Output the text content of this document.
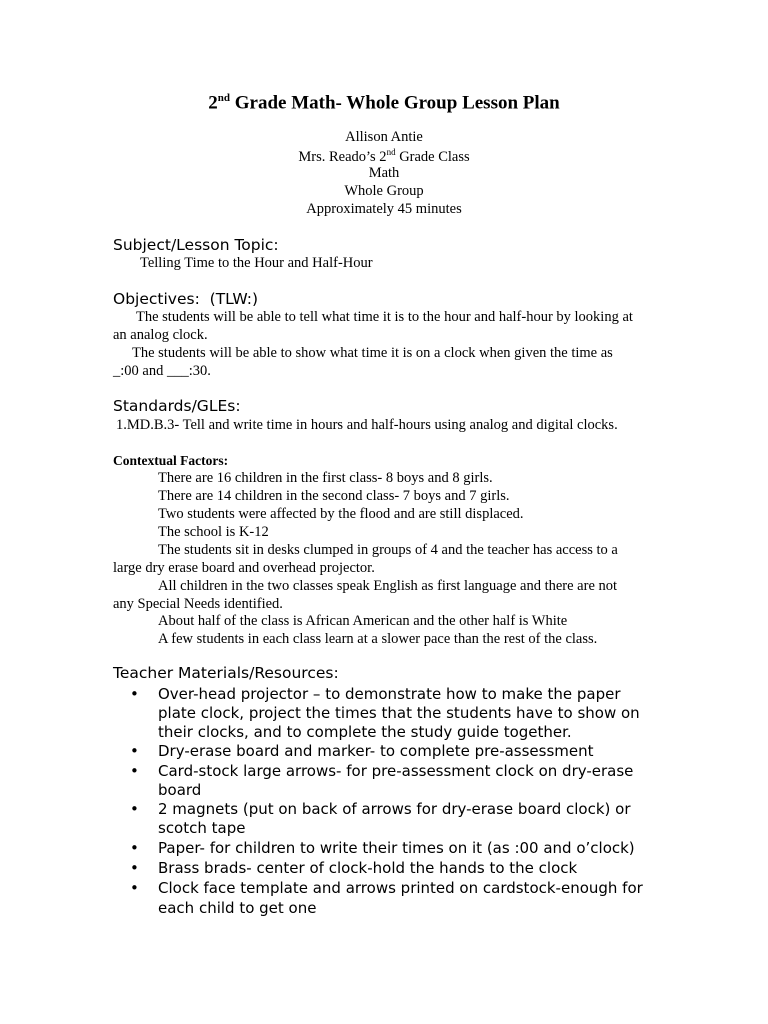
2nd Grade Math- Whole Group Lesson Plan
Allison Antie
Mrs. Reado’s 2nd Grade Class
Math
Whole Group
Approximately 45 minutes
Subject/Lesson Topic:
Telling Time to the Hour and Half-Hour
Objectives:  (TLW:)
The students will be able to tell what time it is to the hour and half-hour by looking at
an analog clock.
The students will be able to show what time it is on a clock when given the time as
_:00 and ___:30.
Standards/GLEs:
1.MD.B.3- Tell and write time in hours and half-hours using analog and digital clocks.
Contextual Factors:
There are 16 children in the first class- 8 boys and 8 girls.
There are 14 children in the second class- 7 boys and 7 girls.
Two students were affected by the flood and are still displaced.
The school is K-12
The students sit in desks clumped in groups of 4 and the teacher has access to a
large dry erase board and overhead projector.
All children in the two classes speak English as first language and there are not
any Special Needs identified.
About half of the class is African American and the other half is White
A few students in each class learn at a slower pace than the rest of the class.
Teacher Materials/Resources:
• Over-head projector – to demonstrate how to make the paper
plate clock, project the times that the students have to show on
their clocks, and to complete the study guide together.
• Dry-erase board and marker- to complete pre-assessment
• Card-stock large arrows- for pre-assessment clock on dry-erase
board
• 2 magnets (put on back of arrows for dry-erase board clock) or
scotch tape
• Paper- for children to write their times on it (as :00 and o’clock)
• Brass brads- center of clock-hold the hands to the clock
• Clock face template and arrows printed on cardstock-enough for
each child to get one
